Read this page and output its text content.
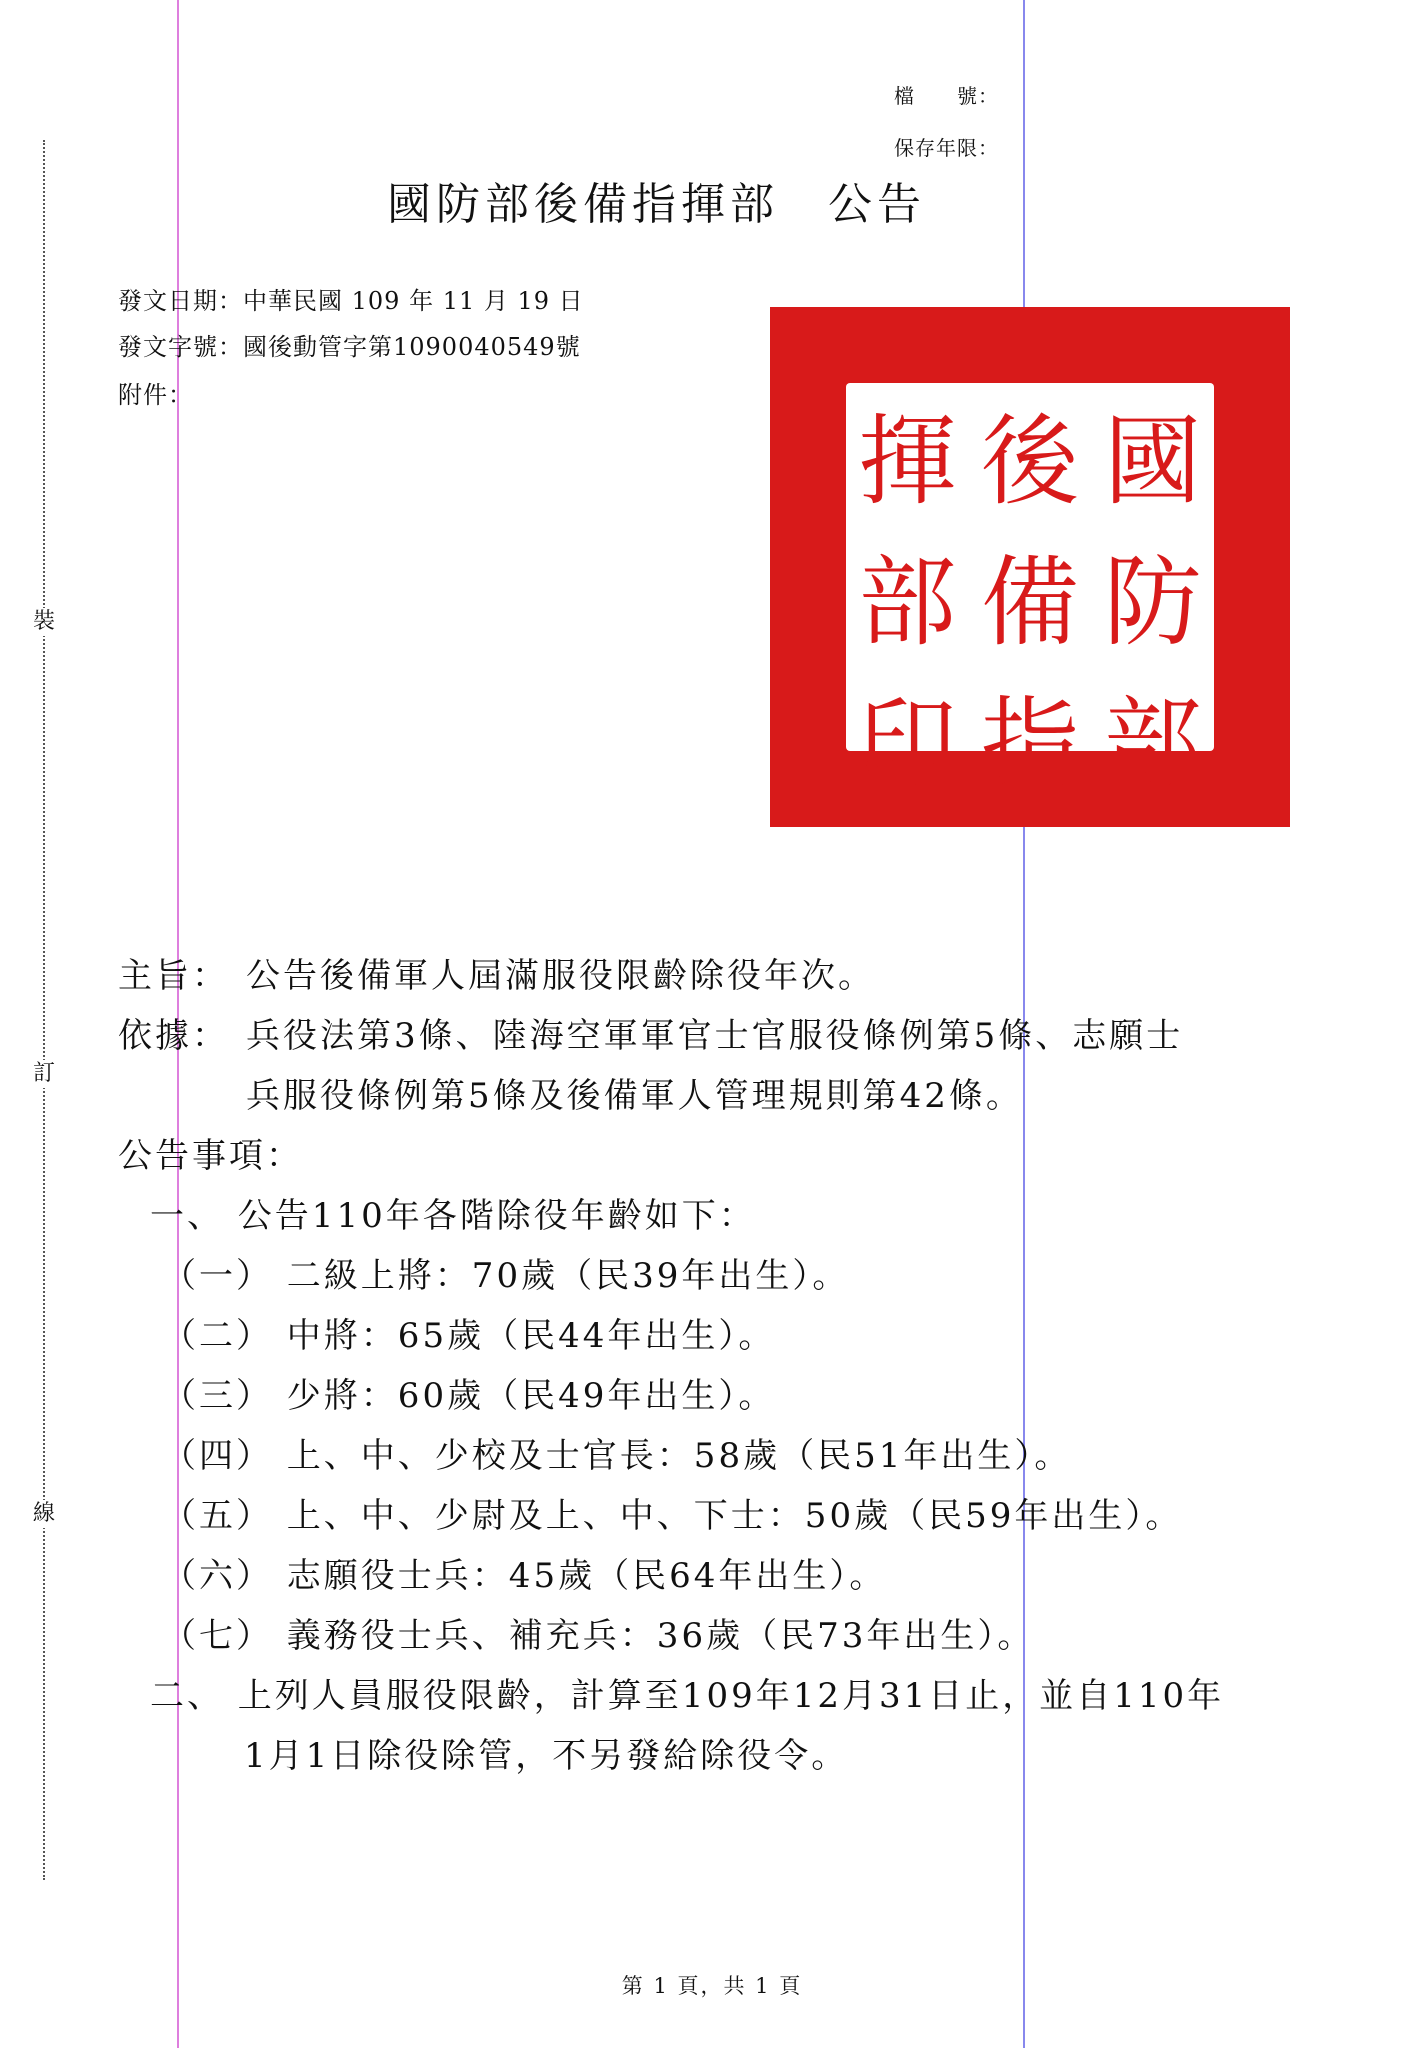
裝
訂
線
檔　　號：
保存年限：
國防部後備指揮部　公告
發文日期：中華民國 109 年 11 月 19 日
發文字號：國後動管字第1090040549號
附件：
國
防
部
後
備
指
揮
部
印
主旨： 公告後備軍人屆滿服役限齡除役年次。
依據： 兵役法第3條、陸海空軍軍官士官服役條例第5條、志願士
兵服役條例第5條及後備軍人管理規則第42條。
公告事項：
一、 公告110年各階除役年齡如下：
（一） 二級上將：70歲（民39年出生）。
（二） 中將：65歲（民44年出生）。
（三） 少將：60歲（民49年出生）。
（四） 上、中、少校及士官長：58歲（民51年出生）。
（五） 上、中、少尉及上、中、下士：50歲（民59年出生）。
（六） 志願役士兵：45歲（民64年出生）。
（七） 義務役士兵、補充兵：36歲（民73年出生）。
二、 上列人員服役限齡，計算至109年12月31日止，並自110年
1月1日除役除管，不另發給除役令。
第 1 頁，共 1 頁
